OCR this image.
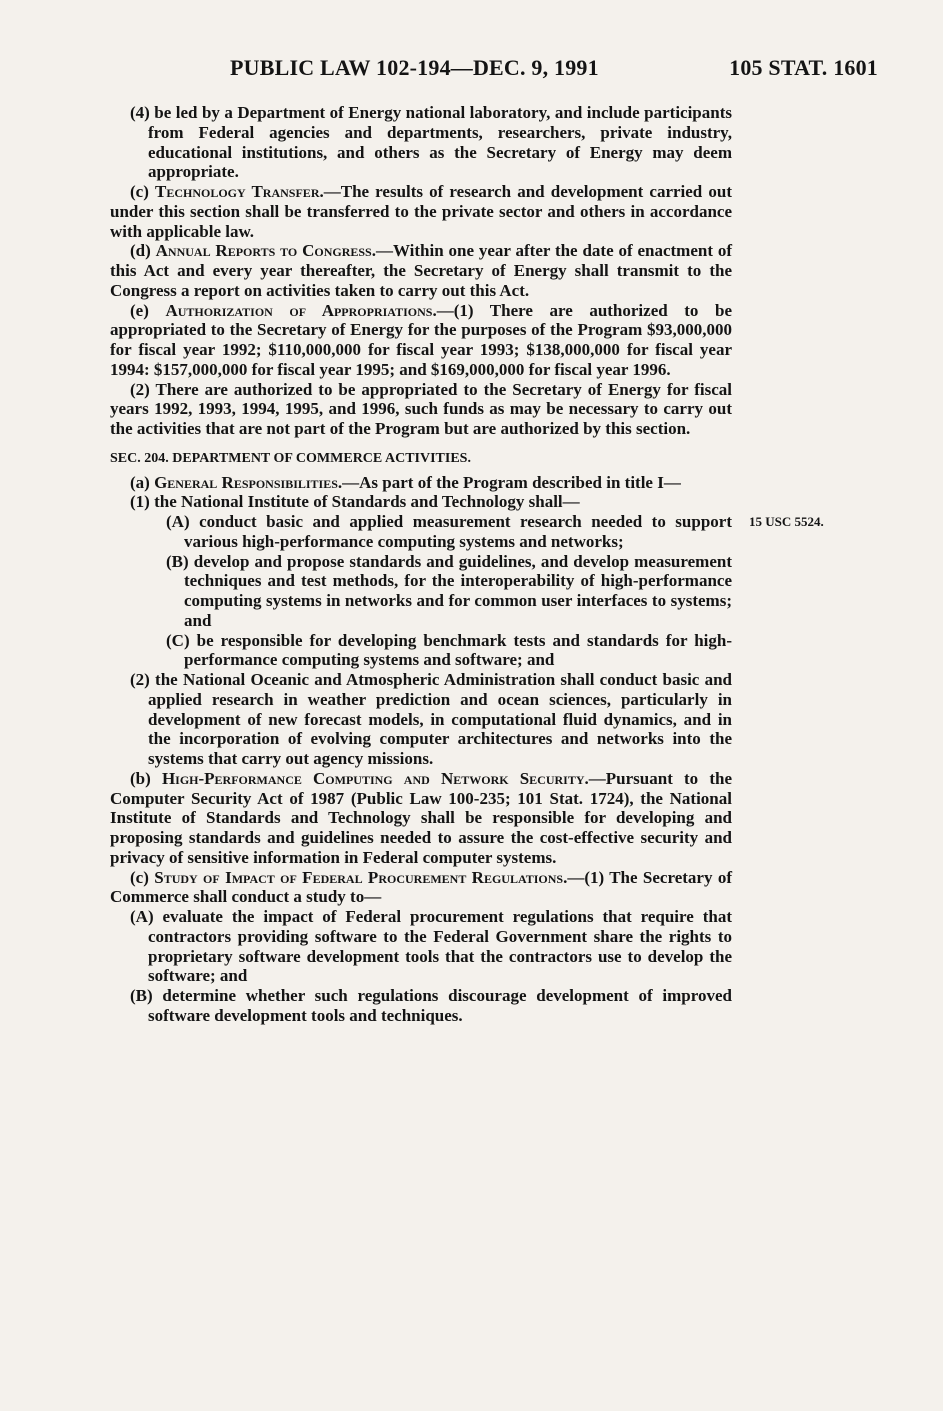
PUBLIC LAW 102-194—DEC. 9, 1991	105 STAT. 1601
15 USC 5524.

(4) be led by a Department of Energy national laboratory, and include participants from Federal agencies and departments, researchers, private industry, educational institutions, and others as the Secretary of Energy may deem appropriate.

(c) Technology Transfer.—The results of research and development carried out under this section shall be transferred to the private sector and others in accordance with applicable law.

(d) Annual Reports to Congress.—Within one year after the date of enactment of this Act and every year thereafter, the Secretary of Energy shall transmit to the Congress a report on activities taken to carry out this Act.

(e) Authorization of Appropriations.—(1) There are authorized to be appropriated to the Secretary of Energy for the purposes of the Program $93,000,000 for fiscal year 1992; $110,000,000 for fiscal year 1993; $138,000,000 for fiscal year 1994: $157,000,000 for fiscal year 1995; and $169,000,000 for fiscal year 1996.

(2) There are authorized to be appropriated to the Secretary of Energy for fiscal years 1992, 1993, 1994, 1995, and 1996, such funds as may be necessary to carry out the activities that are not part of the Program but are authorized by this section.

SEC. 204. DEPARTMENT OF COMMERCE ACTIVITIES.

(a) General Responsibilities.—As part of the Program described in title I—

(1) the National Institute of Standards and Technology shall—

(A) conduct basic and applied measurement research needed to support various high-performance computing systems and networks;

(B) develop and propose standards and guidelines, and develop measurement techniques and test methods, for the interoperability of high-performance computing systems in networks and for common user interfaces to systems; and

(C) be responsible for developing benchmark tests and standards for high-performance computing systems and software; and

(2) the National Oceanic and Atmospheric Administration shall conduct basic and applied research in weather prediction and ocean sciences, particularly in development of new forecast models, in computational fluid dynamics, and in the incorporation of evolving computer architectures and networks into the systems that carry out agency missions.

(b) High-Performance Computing and Network Security.—Pursuant to the Computer Security Act of 1987 (Public Law 100-235; 101 Stat. 1724), the National Institute of Standards and Technology shall be responsible for developing and proposing standards and guidelines needed to assure the cost-effective security and privacy of sensitive information in Federal computer systems.

(c) Study of Impact of Federal Procurement Regulations.—(1) The Secretary of Commerce shall conduct a study to—

(A) evaluate the impact of Federal procurement regulations that require that contractors providing software to the Federal Government share the rights to proprietary software development tools that the contractors use to develop the software; and

(B) determine whether such regulations discourage development of improved software development tools and techniques.
